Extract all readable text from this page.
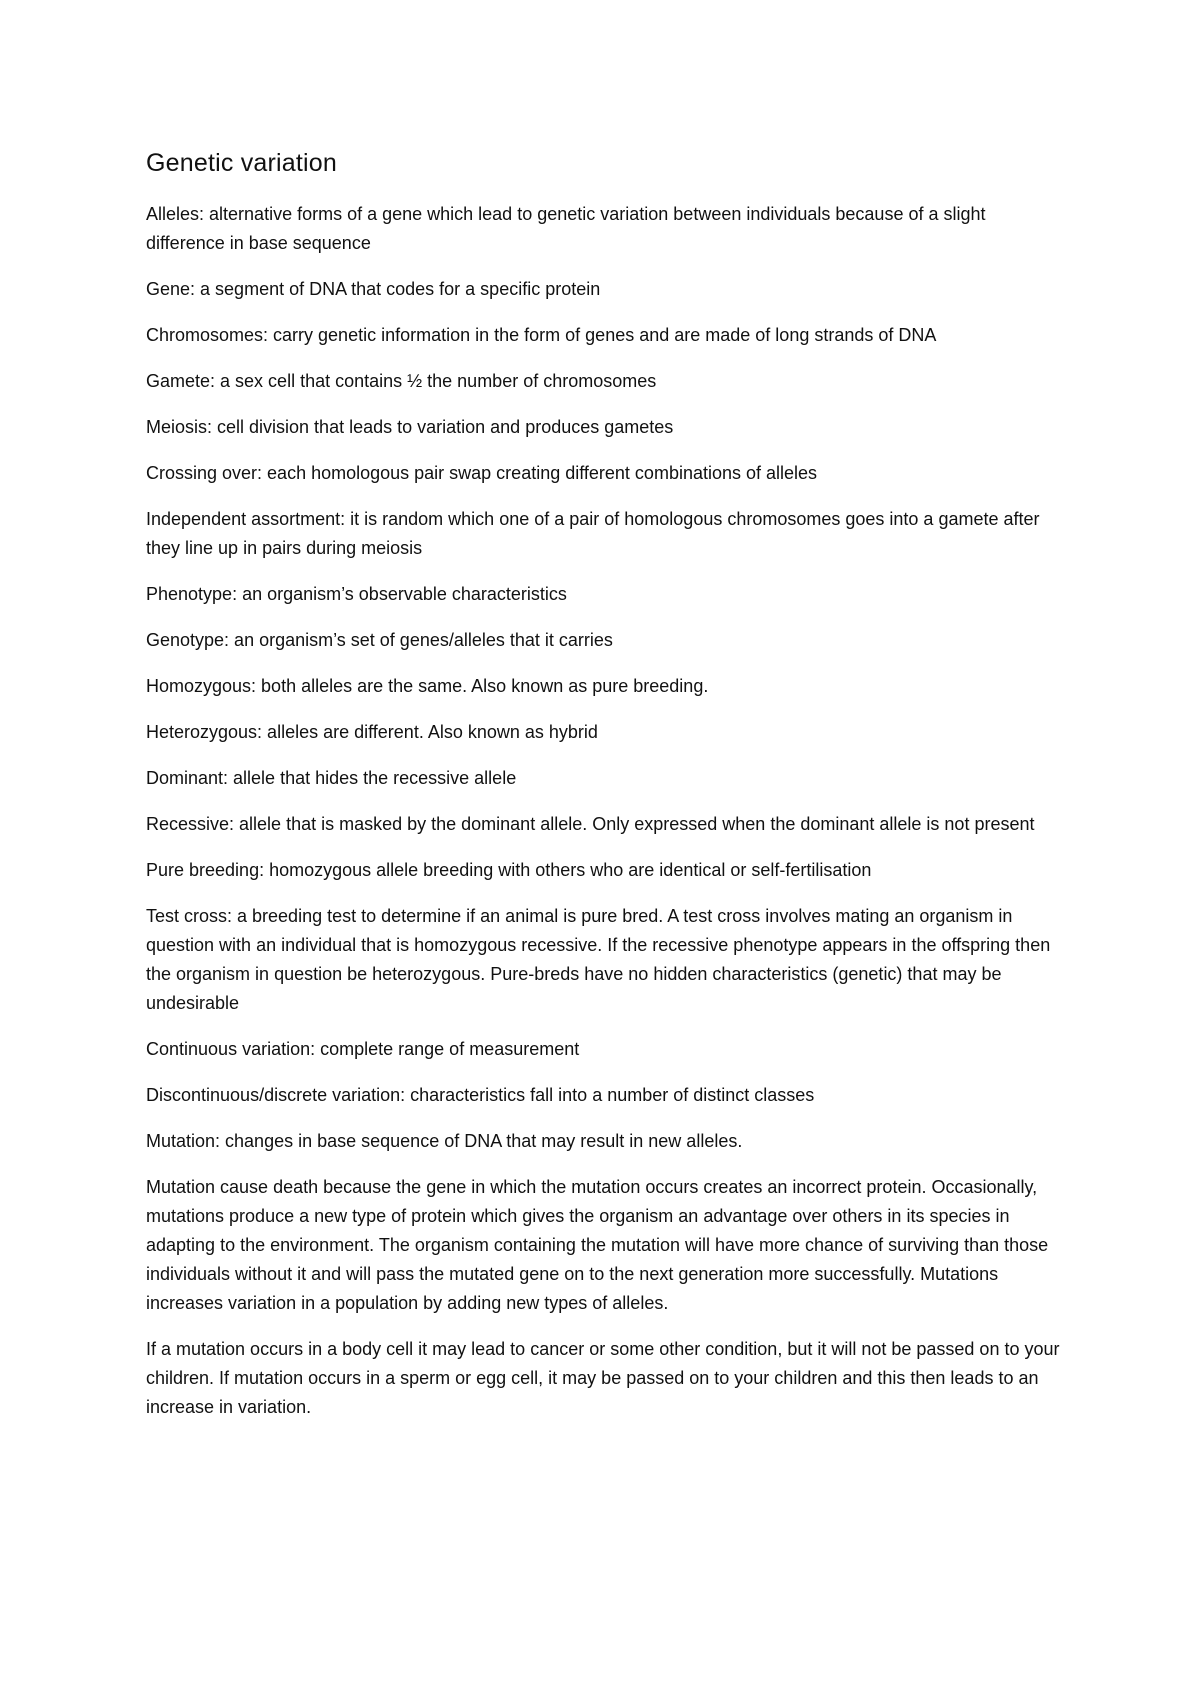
Genetic variation

Alleles: alternative forms of a gene which lead to genetic variation between individuals because of a slight difference in base sequence

Gene: a segment of DNA that codes for a specific protein

Chromosomes: carry genetic information in the form of genes and are made of long strands of DNA

Gamete: a sex cell that contains ½ the number of chromosomes

Meiosis: cell division that leads to variation and produces gametes

Crossing over: each homologous pair swap creating different combinations of alleles

Independent assortment: it is random which one of a pair of homologous chromosomes goes into a gamete after they line up in pairs during meiosis

Phenotype: an organism’s observable characteristics

Genotype: an organism’s set of genes/alleles that it carries

Homozygous: both alleles are the same. Also known as pure breeding.

Heterozygous: alleles are different. Also known as hybrid

Dominant: allele that hides the recessive allele

Recessive: allele that is masked by the dominant allele. Only expressed when the dominant allele is not present

Pure breeding: homozygous allele breeding with others who are identical or self-fertilisation

Test cross: a breeding test to determine if an animal is pure bred. A test cross involves mating an organism in question with an individual that is homozygous recessive. If the recessive phenotype appears in the offspring then the organism in question be heterozygous. Pure-breds have no hidden characteristics (genetic) that may be undesirable

Continuous variation: complete range of measurement

Discontinuous/discrete variation: characteristics fall into a number of distinct classes

Mutation: changes in base sequence of DNA that may result in new alleles.

Mutation cause death because the gene in which the mutation occurs creates an incorrect protein. Occasionally, mutations produce a new type of protein which gives the organism an advantage over others in its species in adapting to the environment. The organism containing the mutation will have more chance of surviving than those individuals without it and will pass the mutated gene on to the next generation more successfully. Mutations increases variation in a population by adding new types of alleles.

If a mutation occurs in a body cell it may lead to cancer or some other condition, but it will not be passed on to your children. If mutation occurs in a sperm or egg cell, it may be passed on to your children and this then leads to an increase in variation.
